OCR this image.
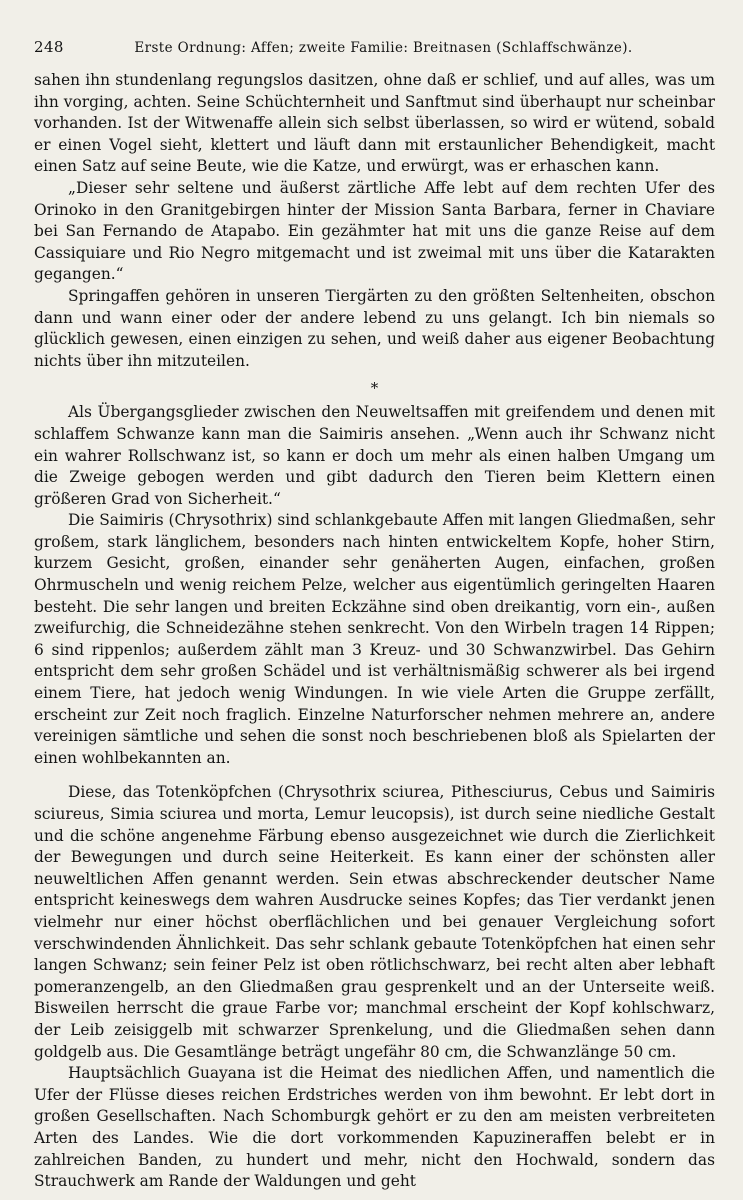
248	Erste Ordnung: Affen; zweite Familie: Breitnasen (Schlaffschwänze).

sahen ihn stundenlang regungslos dasitzen, ohne daß er schlief, und auf alles, was um ihn vorging, achten. Seine Schüchternheit und Sanftmut sind überhaupt nur scheinbar vorhanden. Ist der Witwenaffe allein sich selbst überlassen, so wird er wütend, sobald er einen Vogel sieht, klettert und läuft dann mit erstaunlicher Behendigkeit, macht einen Satz auf seine Beute, wie die Katze, und erwürgt, was er erhaschen kann.

„Dieser sehr seltene und äußerst zärtliche Affe lebt auf dem rechten Ufer des Orinoko in den Granitgebirgen hinter der Mission Santa Barbara, ferner in Chaviare bei San Fernando de Atapabo. Ein gezähmter hat mit uns die ganze Reise auf dem Cassiquiare und Rio Negro mitgemacht und ist zweimal mit uns über die Katarakten gegangen.“

Springaffen gehören in unseren Tiergärten zu den größten Seltenheiten, obschon dann und wann einer oder der andere lebend zu uns gelangt. Ich bin niemals so glücklich gewesen, einen einzigen zu sehen, und weiß daher aus eigener Beobachtung nichts über ihn mitzuteilen.

*

Als Übergangsglieder zwischen den Neuweltsaffen mit greifendem und denen mit schlaffem Schwanze kann man die Saimiris ansehen. „Wenn auch ihr Schwanz nicht ein wahrer Rollschwanz ist, so kann er doch um mehr als einen halben Umgang um die Zweige gebogen werden und gibt dadurch den Tieren beim Klettern einen größeren Grad von Sicherheit.“

Die Saimiris (Chrysothrix) sind schlankgebaute Affen mit langen Gliedmaßen, sehr großem, stark länglichem, besonders nach hinten entwickeltem Kopfe, hoher Stirn, kurzem Gesicht, großen, einander sehr genäherten Augen, einfachen, großen Ohrmuscheln und wenig reichem Pelze, welcher aus eigentümlich geringelten Haaren besteht. Die sehr langen und breiten Eckzähne sind oben dreikantig, vorn ein-, außen zweifurchig, die Schneidezähne stehen senkrecht. Von den Wirbeln tragen 14 Rippen; 6 sind rippenlos; außerdem zählt man 3 Kreuz- und 30 Schwanzwirbel. Das Gehirn entspricht dem sehr großen Schädel und ist verhältnismäßig schwerer als bei irgend einem Tiere, hat jedoch wenig Windungen. In wie viele Arten die Gruppe zerfällt, erscheint zur Zeit noch fraglich. Einzelne Naturforscher nehmen mehrere an, andere vereinigen sämtliche und sehen die sonst noch beschriebenen bloß als Spielarten der einen wohlbekannten an.

Diese, das Totenköpfchen (Chrysothrix sciurea, Pithesciurus, Cebus und Saimiris sciureus, Simia sciurea und morta, Lemur leucopsis), ist durch seine niedliche Gestalt und die schöne angenehme Färbung ebenso ausgezeichnet wie durch die Zierlichkeit der Bewegungen und durch seine Heiterkeit. Es kann einer der schönsten aller neuweltlichen Affen genannt werden. Sein etwas abschreckender deutscher Name entspricht keineswegs dem wahren Ausdrucke seines Kopfes; das Tier verdankt jenen vielmehr nur einer höchst oberflächlichen und bei genauer Vergleichung sofort verschwindenden Ähnlichkeit. Das sehr schlank gebaute Totenköpfchen hat einen sehr langen Schwanz; sein feiner Pelz ist oben rötlichschwarz, bei recht alten aber lebhaft pomeranzengelb, an den Gliedmaßen grau gesprenkelt und an der Unterseite weiß. Bisweilen herrscht die graue Farbe vor; manchmal erscheint der Kopf kohlschwarz, der Leib zeisiggelb mit schwarzer Sprenkelung, und die Gliedmaßen sehen dann goldgelb aus. Die Gesamtlänge beträgt ungefähr 80 cm, die Schwanzlänge 50 cm.

Hauptsächlich Guayana ist die Heimat des niedlichen Affen, und namentlich die Ufer der Flüsse dieses reichen Erdstriches werden von ihm bewohnt. Er lebt dort in großen Gesellschaften. Nach Schomburgk gehört er zu den am meisten verbreiteten Arten des Landes. Wie die dort vorkommenden Kapuzineraffen belebt er in zahlreichen Banden, zu hundert und mehr, nicht den Hochwald, sondern das Strauchwerk am Rande der Waldungen und geht
